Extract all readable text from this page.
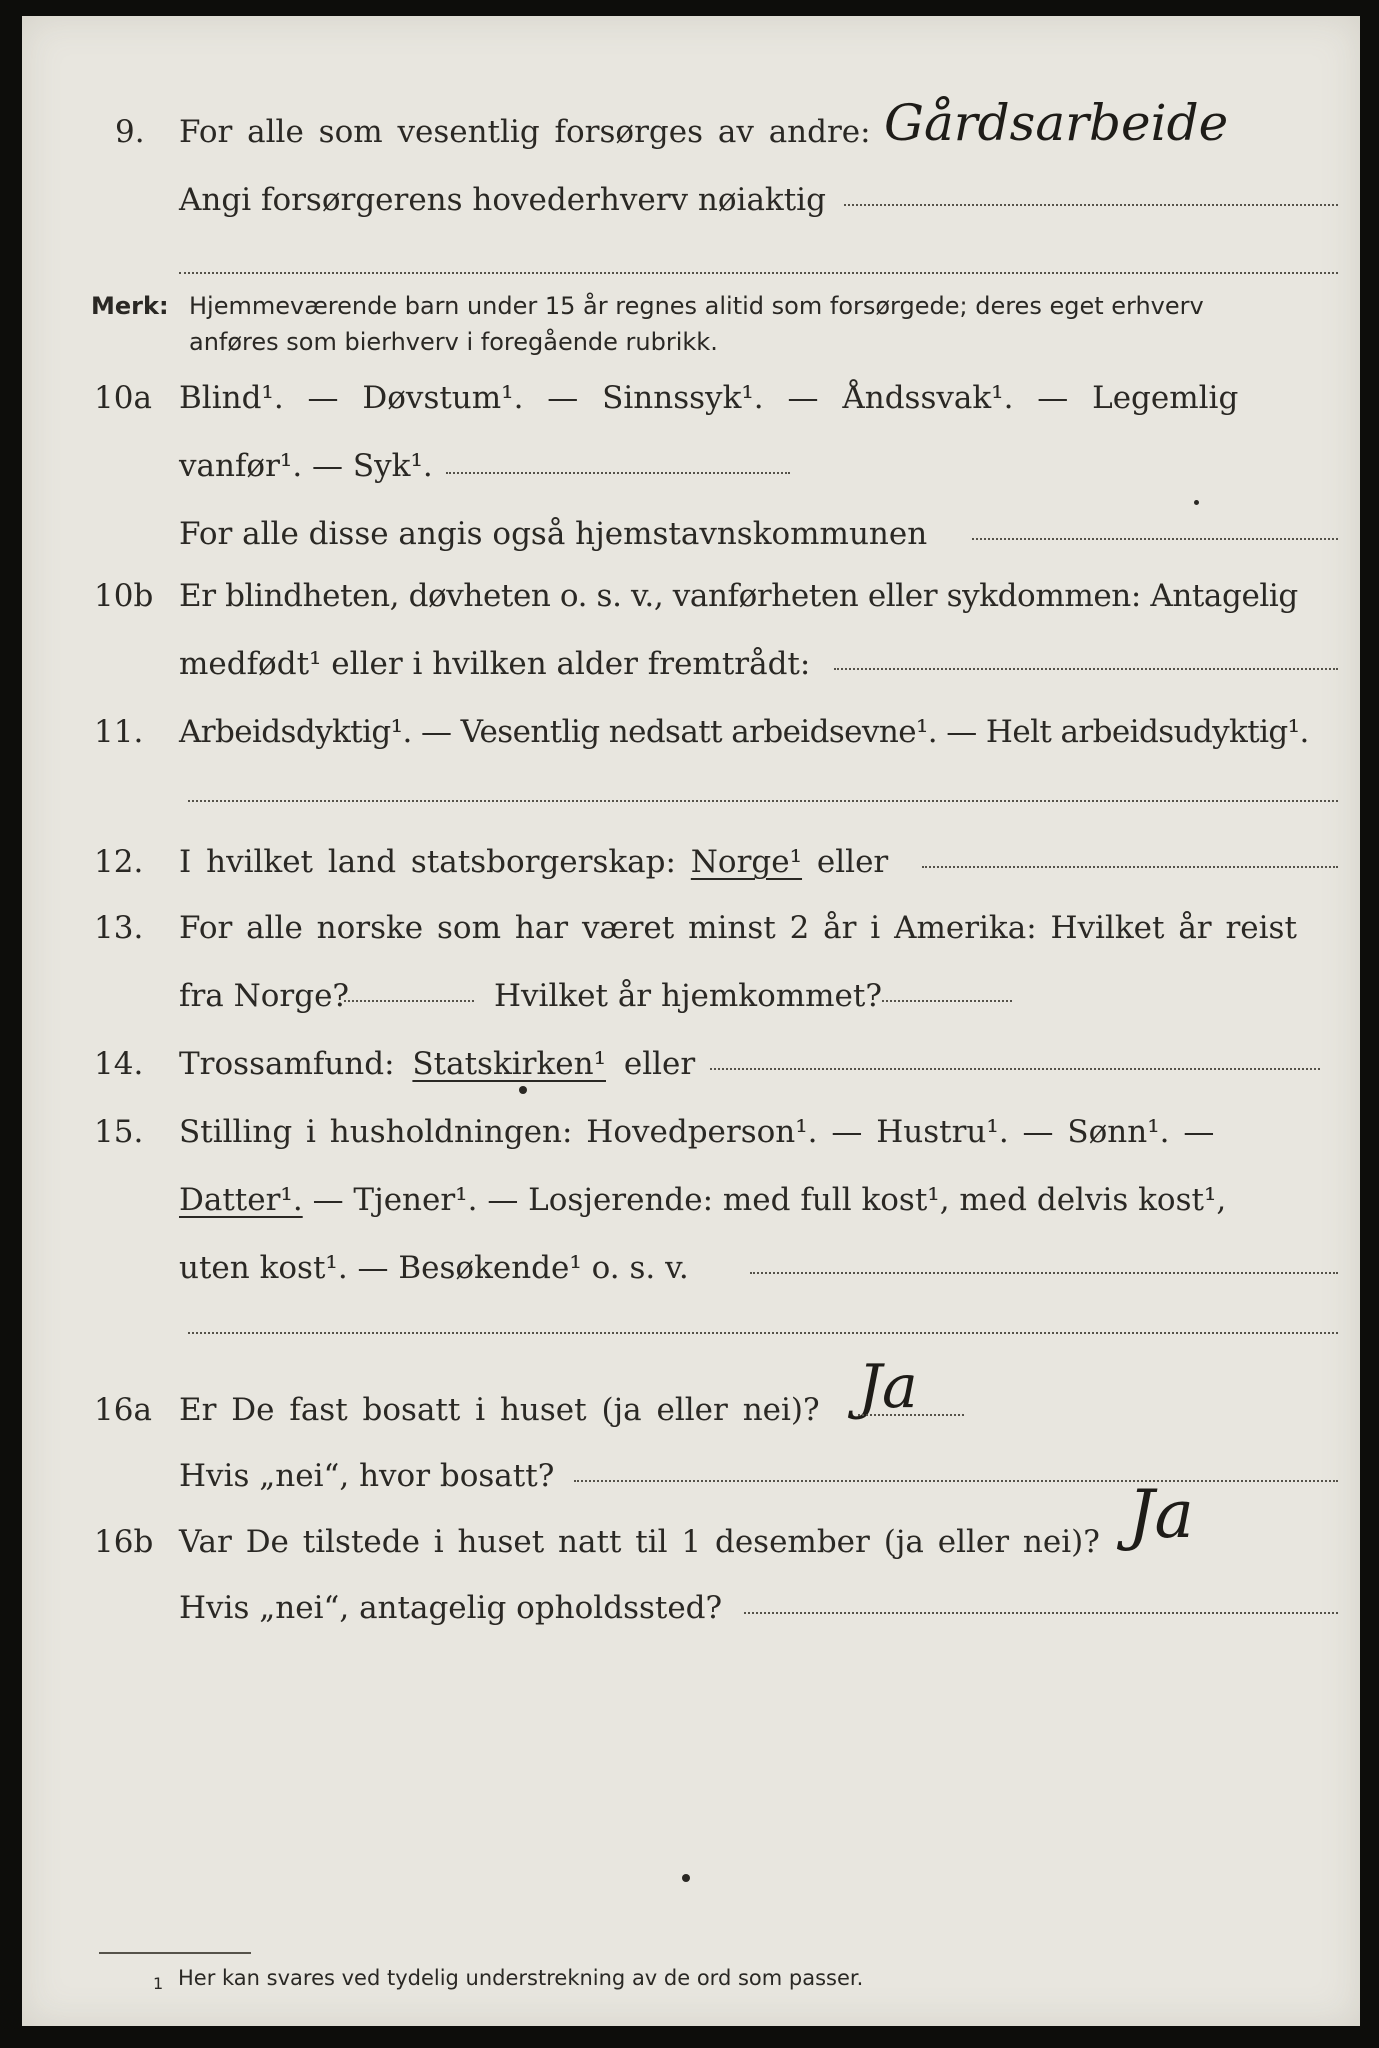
9. For alle som vesentlig forsørges av andre: Gårdsarbeide
Angi forsørgerens hovederhverv nøiaktig
Merk: Hjemmeværende barn under 15 år regnes alitid som forsørgede; deres eget erhverv
anføres som bierhverv i foregående rubrikk.
10a Blind¹. — Døvstum¹. — Sinnssyk¹. — Åndssvak¹. — Legemlig
vanfør¹. — Syk¹.
For alle disse angis også hjemstavnskommunen
10b Er blindheten, døvheten o. s. v., vanførheten eller sykdommen: Antagelig
medfødt¹ eller i hvilken alder fremtrådt:
11. Arbeidsdyktig¹. — Vesentlig nedsatt arbeidsevne¹. — Helt arbeidsudyktig¹.
12. I hvilket land statsborgerskap: Norge¹ eller
13. For alle norske som har været minst 2 år i Amerika: Hvilket år reist
fra Norge?	Hvilket år hjemkommet?
14. Trossamfund: Statskirken¹ eller
15. Stilling i husholdningen: Hovedperson¹. — Hustru¹. — Sønn¹. —
Datter¹. — Tjener¹. — Losjerende: med full kost¹, med delvis kost¹,
uten kost¹. — Besøkende¹ o. s. v.
16a Er De fast bosatt i huset (ja eller nei)? Ja
Hvis „nei“, hvor bosatt?
16b Var De tilstede i huset natt til 1 desember (ja eller nei)? Ja
Hvis „nei“, antagelig opholdssted?
1 Her kan svares ved tydelig understrekning av de ord som passer.
